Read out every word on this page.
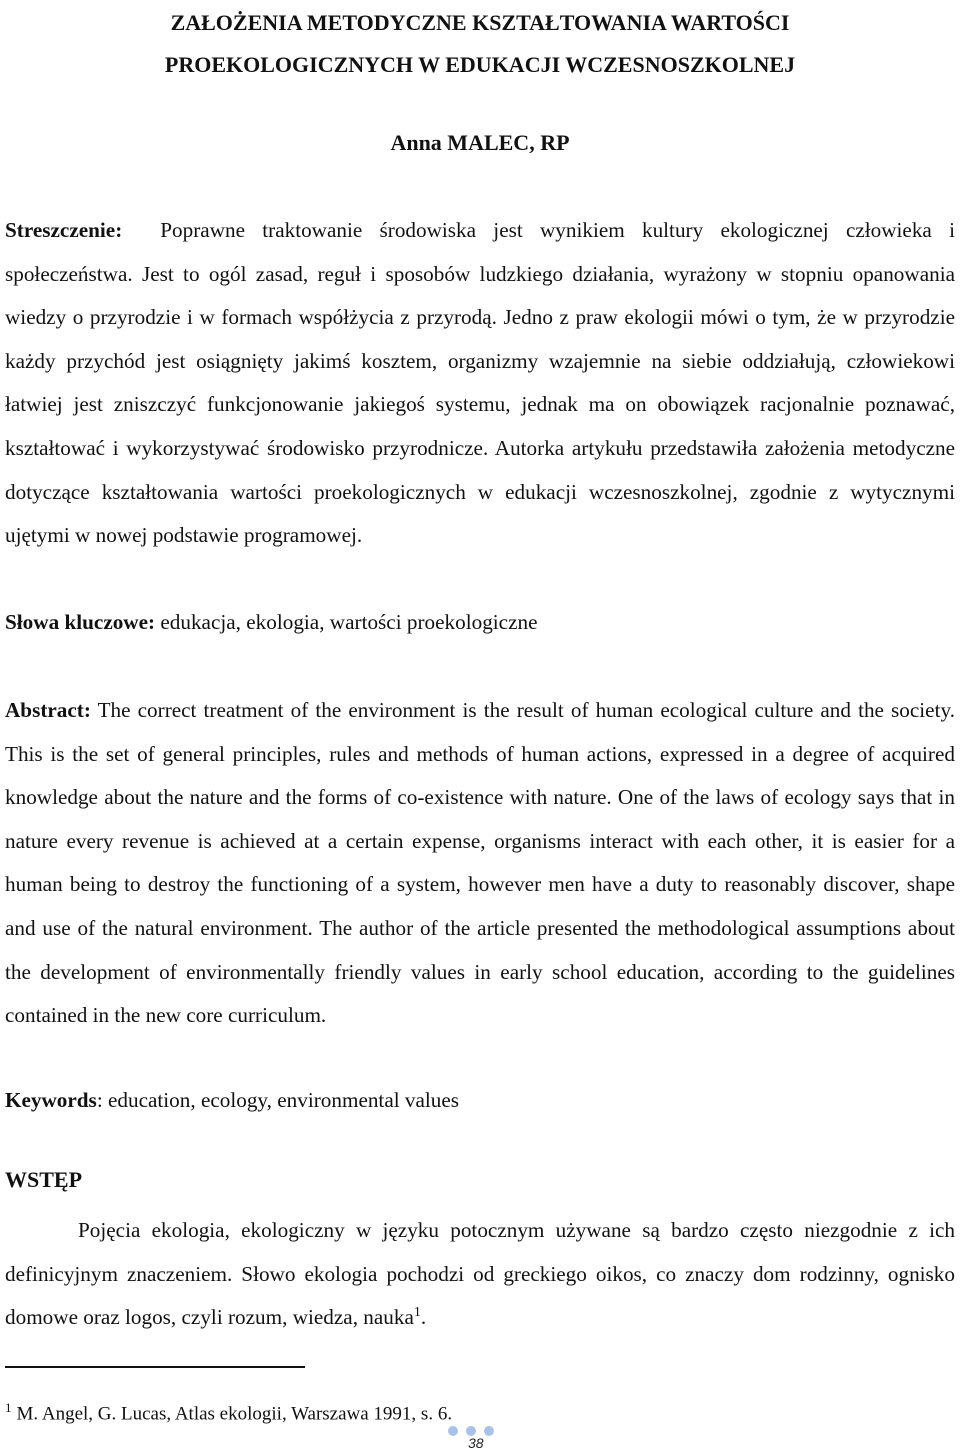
ZAŁOŻENIA METODYCZNE KSZTAŁTOWANIA WARTOŚCI
PROEKOLOGICZNYCH W EDUKACJI WCZESNOSZKOLNEJ

Anna MALEC, RP

Streszczenie: Poprawne traktowanie środowiska jest wynikiem kultury ekologicznej człowieka i społeczeństwa. Jest to ogól zasad, reguł i sposobów ludzkiego działania, wyrażony w stopniu opanowania wiedzy o przyrodzie i w formach współżycia z przyrodą. Jedno z praw ekologii mówi o tym, że w przyrodzie każdy przychód jest osiągnięty jakimś kosztem, organizmy wzajemnie na siebie oddziałują, człowiekowi łatwiej jest zniszczyć funkcjonowanie jakiegoś systemu, jednak ma on obowiązek racjonalnie poznawać, kształtować i wykorzystywać środowisko przyrodnicze. Autorka artykułu przedstawiła założenia metodyczne dotyczące kształtowania wartości proekologicznych w edukacji wczesnoszkolnej, zgodnie z wytycznymi ujętymi w nowej podstawie programowej.

Słowa kluczowe: edukacja, ekologia, wartości proekologiczne

Abstract: The correct treatment of the environment is the result of human ecological culture and the society. This is the set of general principles, rules and methods of human actions, expressed in a degree of acquired knowledge about the nature and the forms of co-existence with nature. One of the laws of ecology says that in nature every revenue is achieved at a certain expense, organisms interact with each other, it is easier for a human being to destroy the functioning of a system, however men have a duty to reasonably discover, shape and use of the natural environment. The author of the article presented the methodological assumptions about the development of environmentally friendly values in early school education, according to the guidelines contained in the new core curriculum.

Keywords: education, ecology, environmental values

WSTĘP

Pojęcia ekologia, ekologiczny w języku potocznym używane są bardzo często niezgodnie z ich definicyjnym znaczeniem. Słowo ekologia pochodzi od greckiego oikos, co znaczy dom rodzinny, ognisko domowe oraz logos, czyli rozum, wiedza, nauka$^1$.

$^1$ M. Angel, G. Lucas, Atlas ekologii, Warszawa 1991, s. 6.

38
